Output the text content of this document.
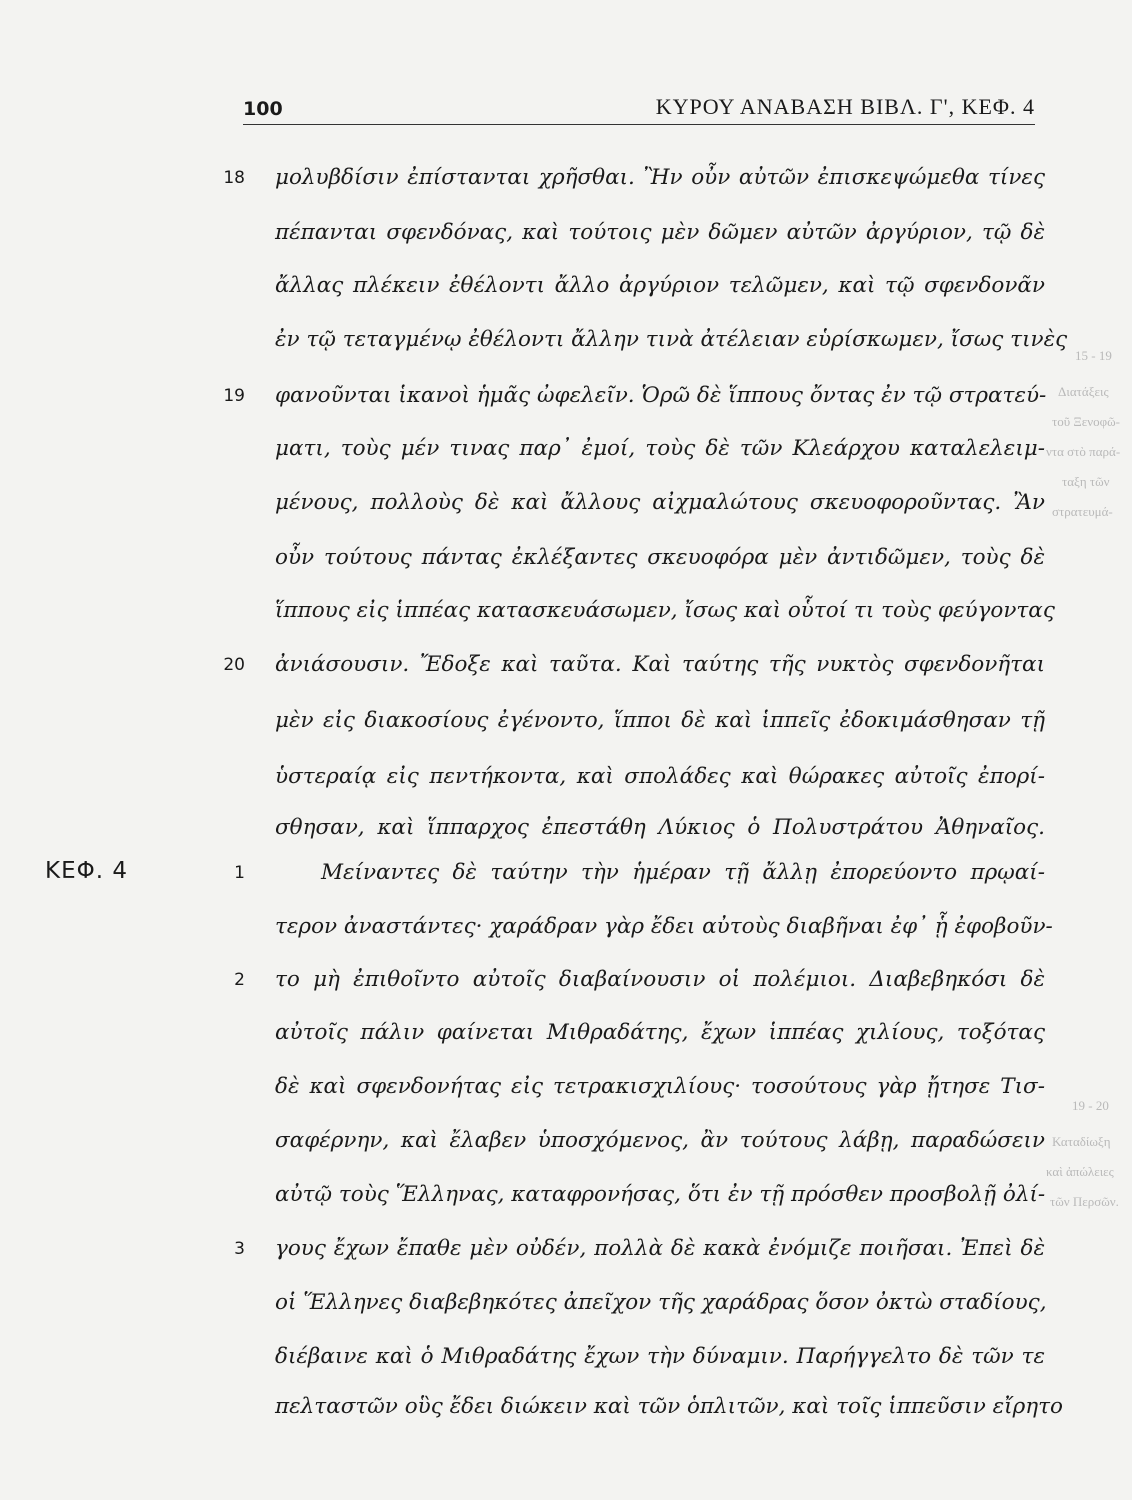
100	ΚΥΡΟΥ ΑΝΑΒΑΣΗ ΒΙΒΛ. Γ', ΚΕΦ. 4
15 - 19
Διατάξεις
τοῦ Ξενοφῶ-
ντα στὸ παρά-
ταξη τῶν
στρατευμά-
19 - 20
Καταδίωξη
καὶ ἀπώλειες
τῶν Περσῶν.
ΚΕΦ. 4
18 μολυβδίσιν ἐπίστανται χρῆσθαι. Ἢν οὖν αὐτῶν ἐπισκεψώμεθα τίνες
πέπανται σφενδόνας, καὶ τούτοις μὲν δῶμεν αὐτῶν ἀργύριον, τῷ δὲ
ἄλλας πλέκειν ἐθέλοντι ἄλλο ἀργύριον τελῶμεν, καὶ τῷ σφενδονᾶν
ἐν τῷ τεταγμένῳ ἐθέλοντι ἄλλην τινὰ ἀτέλειαν εὑρίσκωμεν, ἴσως τινὲς
19 φανοῦνται ἱκανοὶ ἡμᾶς ὠφελεῖν. Ὁρῶ δὲ ἵππους ὄντας ἐν τῷ στρατεύ-
ματι, τοὺς μέν τινας παρ᾿ ἐμοί, τοὺς δὲ τῶν Κλεάρχου καταλελειμ-
μένους, πολλοὺς δὲ καὶ ἄλλους αἰχμαλώτους σκευοφοροῦντας. Ἂν
οὖν τούτους πάντας ἐκλέξαντες σκευοφόρα μὲν ἀντιδῶμεν, τοὺς δὲ
ἵππους εἰς ἱππέας κατασκευάσωμεν, ἴσως καὶ οὗτοί τι τοὺς φεύγοντας
20 ἀνιάσουσιν. Ἔδοξε καὶ ταῦτα. Καὶ ταύτης τῆς νυκτὸς σφενδονῆται
μὲν εἰς διακοσίους ἐγένοντο, ἵπποι δὲ καὶ ἱππεῖς ἐδοκιμάσθησαν τῇ
ὑστεραίᾳ εἰς πεντήκοντα, καὶ σπολάδες καὶ θώρακες αὐτοῖς ἐπορί-
σθησαν, καὶ ἵππαρχος ἐπεστάθη Λύκιος ὁ Πολυστράτου Ἀθηναῖος.
1	Μείναντες δὲ ταύτην τὴν ἡμέραν τῇ ἄλλῃ ἐπορεύοντο πρῳαί-
τερον ἀναστάντες· χαράδραν γὰρ ἔδει αὐτοὺς διαβῆναι ἐφ᾿ ᾗ ἐφοβοῦν-
2 το μὴ ἐπιθοῖντο αὐτοῖς διαβαίνουσιν οἱ πολέμιοι. Διαβεβηκόσι δὲ
αὐτοῖς πάλιν φαίνεται Μιθραδάτης, ἔχων ἱππέας χιλίους, τοξότας
δὲ καὶ σφενδονήτας εἰς τετρακισχιλίους· τοσούτους γὰρ ᾔτησε Τισ-
σαφέρνην, καὶ ἔλαβεν ὑποσχόμενος, ἂν τούτους λάβῃ, παραδώσειν
αὐτῷ τοὺς Ἕλληνας, καταφρονήσας, ὅτι ἐν τῇ πρόσθεν προσβολῇ ὀλί-
3 γους ἔχων ἔπαθε μὲν οὐδέν, πολλὰ δὲ κακὰ ἐνόμιζε ποιῆσαι. Ἐπεὶ δὲ
οἱ Ἕλληνες διαβεβηκότες ἀπεῖχον τῆς χαράδρας ὅσον ὀκτὼ σταδίους,
διέβαινε καὶ ὁ Μιθραδάτης ἔχων τὴν δύναμιν. Παρήγγελτο δὲ τῶν τε
πελταστῶν οὓς ἔδει διώκειν καὶ τῶν ὁπλιτῶν, καὶ τοῖς ἱππεῦσιν εἴρητο
